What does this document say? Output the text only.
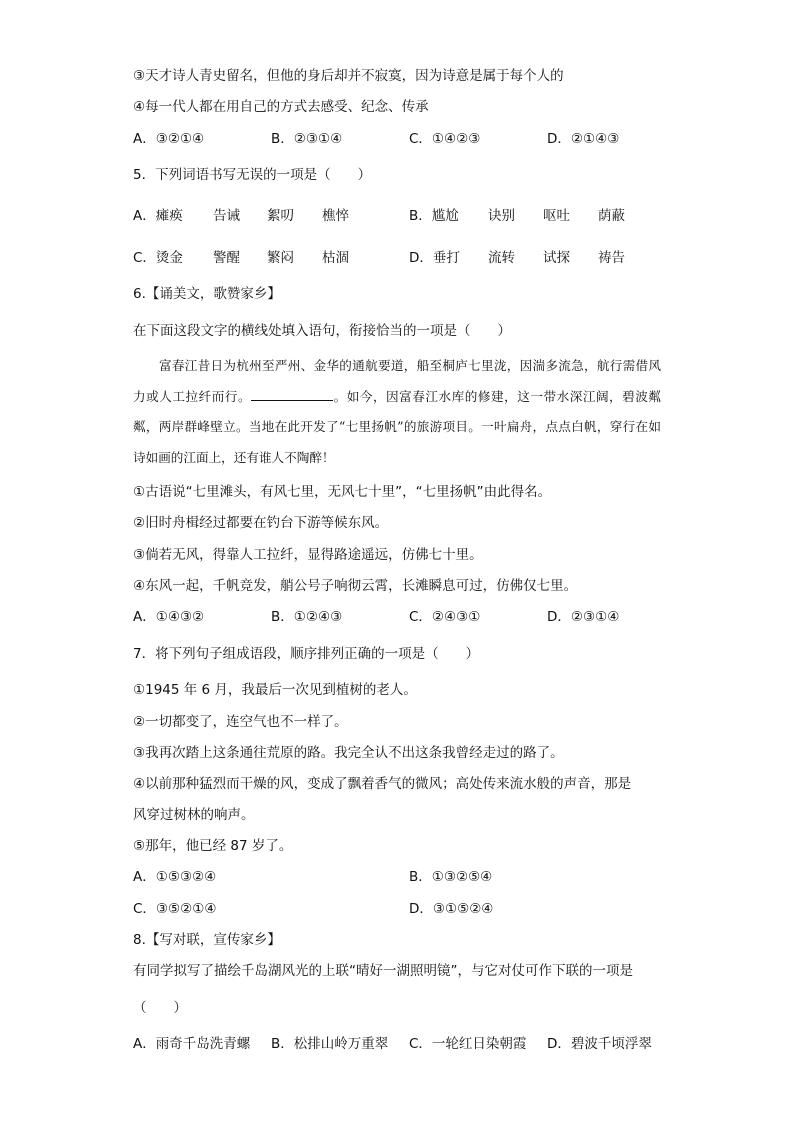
③天才诗人青史留名，但他的身后却并不寂寞，因为诗意是属于每个人的
④每一代人都在用自己的方式去感受、纪念、传承
A．③②①④	B．②③①④	C．①④②③	D．②①④③
5．下列词语书写无误的一项是（　　）
A．瘫痪 告诫 絮叨 樵悴	B．尴尬 诀别 呕吐 荫蔽
C．烫金 警醒 繁闷 枯涸	D．垂打 流转 试探 祷告
6.【诵美文，歌赞家乡】
在下面这段文字的横线处填入语句，衔接恰当的一项是（　　）
富春江昔日为杭州至严州、金华的通航要道，船至桐庐七里泷，因湍多流急，航行需借风力或人工拉纤而行。	。如今，因富春江水库的修建，这一带水深江阔，碧波粼粼，两岸群峰壁立。当地在此开发了“七里扬帆”的旅游项目。一叶扁舟，点点白帆，穿行在如诗如画的江面上，还有谁人不陶醉！
①古语说“七里滩头，有风七里，无风七十里”，“七里扬帆”由此得名。
②旧时舟楫经过都要在钓台下游等候东风。
③倘若无风，得靠人工拉纤，显得路途遥远，仿佛七十里。
④东风一起，千帆竞发，艄公号子响彻云霄，长滩瞬息可过，仿佛仅七里。
A．①④③②	B．①②④③	C．②④③①	D．②③①④
7．将下列句子组成语段，顺序排列正确的一项是（　　）
①1945 年 6 月，我最后一次见到植树的老人。
②一切都变了，连空气也不一样了。
③我再次踏上这条通往荒原的路。我完全认不出这条我曾经走过的路了。
④以前那种猛烈而干燥的风，变成了飘着香气的微风；高处传来流水般的声音，那是
风穿过树林的响声。
⑤那年，他已经 87 岁了。
A．①⑤③②④	B．①③②⑤④
C．③⑤②①④	D．③①⑤②④
8.【写对联，宣传家乡】
有同学拟写了描绘千岛湖风光的上联“晴好一湖照明镜”，与它对仗可作下联的一项是
（　　）
A．雨奇千岛洗青螺 B．松排山岭万重翠 C．一轮红日染朝霞 D．碧波千顷浮翠
